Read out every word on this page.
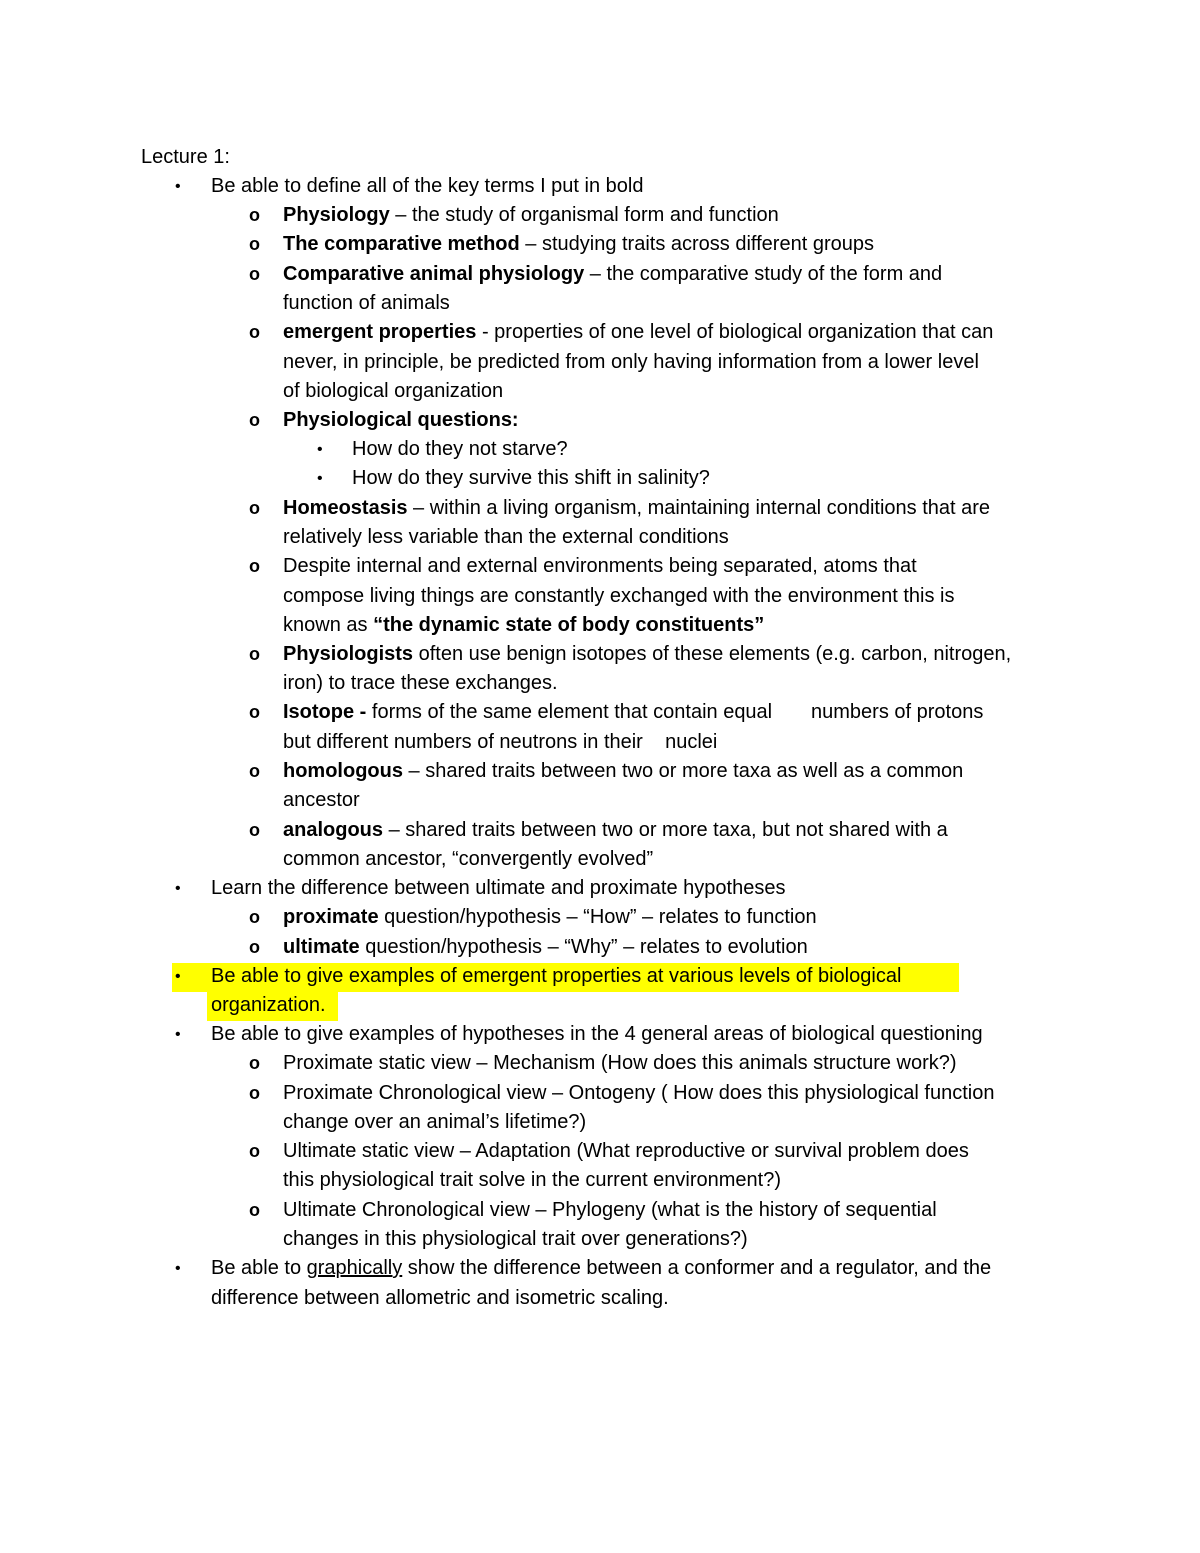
Lecture 1:
• Be able to define all of the key terms I put in bold
o Physiology – the study of organismal form and function
o The comparative method – studying traits across different groups
o Comparative animal physiology – the comparative study of the form and
function of animals
o emergent properties - properties of one level of biological organization that can
never, in principle, be predicted from only having information from a lower level
of biological organization
o Physiological questions:
• How do they not starve?
• How do they survive this shift in salinity?
o Homeostasis – within a living organism, maintaining internal conditions that are
relatively less variable than the external conditions
o Despite internal and external environments being separated, atoms that
compose living things are constantly exchanged with the environment this is
known as “the dynamic state of body constituents”
o Physiologists often use benign isotopes of these elements (e.g. carbon, nitrogen,
iron) to trace these exchanges.
o Isotope - forms of the same element that contain equal       numbers of protons
but different numbers of neutrons in their    nuclei
o homologous – shared traits between two or more taxa as well as a common
ancestor
o analogous – shared traits between two or more taxa, but not shared with a
common ancestor, “convergently evolved”
• Learn the difference between ultimate and proximate hypotheses
o proximate question/hypothesis – “How” – relates to function
o ultimate question/hypothesis – “Why” – relates to evolution
• Be able to give examples of emergent properties at various levels of biological
organization.
• Be able to give examples of hypotheses in the 4 general areas of biological questioning
o Proximate static view – Mechanism (How does this animals structure work?)
o Proximate Chronological view – Ontogeny ( How does this physiological function
change over an animal’s lifetime?)
o Ultimate static view – Adaptation (What reproductive or survival problem does
this physiological trait solve in the current environment?)
o Ultimate Chronological view – Phylogeny (what is the history of sequential
changes in this physiological trait over generations?)
• Be able to graphically show the difference between a conformer and a regulator, and the
difference between allometric and isometric scaling.
